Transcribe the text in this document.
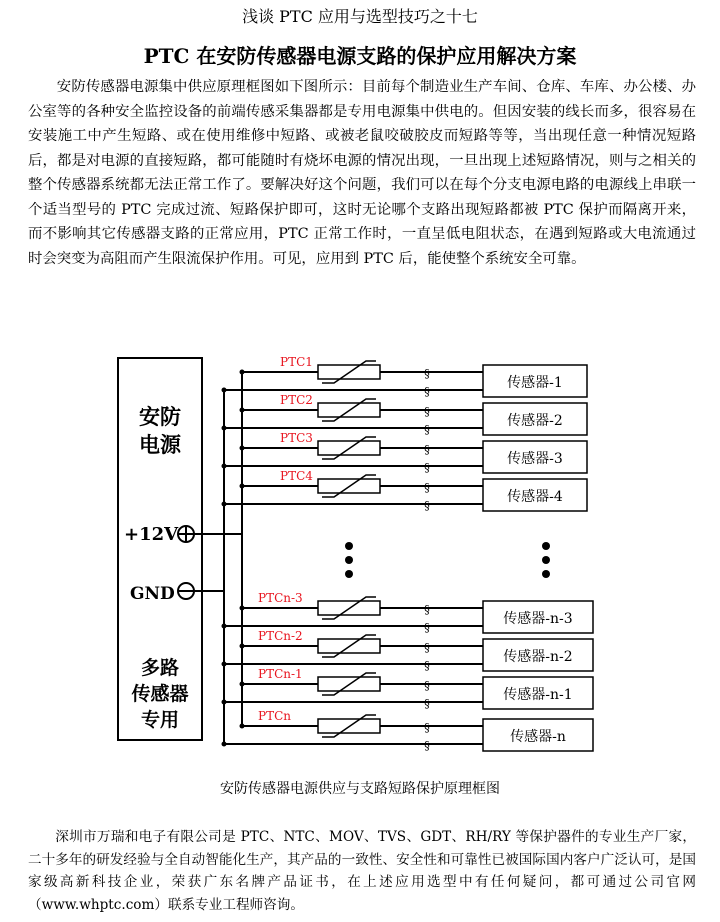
浅谈 PTC 应用与选型技巧之十七
PTC 在安防传感器电源支路的保护应用解决方案

安防传感器电源集中供应原理框图如下图所示：目前每个制造业生产车间、仓库、车库、办公楼、办公室等的各种安全监控设备的前端传感采集器都是专用电源集中供电的。但因安装的线长而多，很容易在安装施工中产生短路、或在使用维修中短路、或被老鼠咬破胶皮而短路等等，当出现任意一种情况短路后，都是对电源的直接短路，都可能随时有烧坏电源的情况出现，一旦出现上述短路情况，则与之相关的整个传感器系统都无法正常工作了。要解决好这个问题，我们可以在每个分支电源电路的电源线上串联一个适当型号的 PTC 完成过流、短路保护即可，这时无论哪个支路出现短路都被 PTC 保护而隔离开来，而不影响其它传感器支路的正常应用，PTC 正常工作时，一直呈低电阻状态，在遇到短路或大电流通过时会突变为高阻而产生限流保护作用。可见，应用到 PTC 后，能使整个系统安全可靠。

安防
电源
+12V
GND
多路
传感器
专用
PTC1
§
§
传感器-1
PTC2
§
§
传感器-2
PTC3
§
§
传感器-3
PTC4
§
§
传感器-4
PTCn-3
§
§
传感器-n-3
PTCn-2
§
§
传感器-n-2
PTCn-1
§
§
传感器-n-1
PTCn
§
§
传感器-n
安防传感器电源供应与支路短路保护原理框图

深圳市万瑞和电子有限公司是 PTC、NTC、MOV、TVS、GDT、RH/RY 等保护器件的专业生产厂家，二十多年的研发经验与全自动智能化生产，其产品的一致性、安全性和可靠性已被国际国内客户广泛认可，是国家级高新科技企业，荣获广东名牌产品证书，在上述应用选型中有任何疑问，都可通过公司官网（www.whptc.com）联系专业工程师咨询。
